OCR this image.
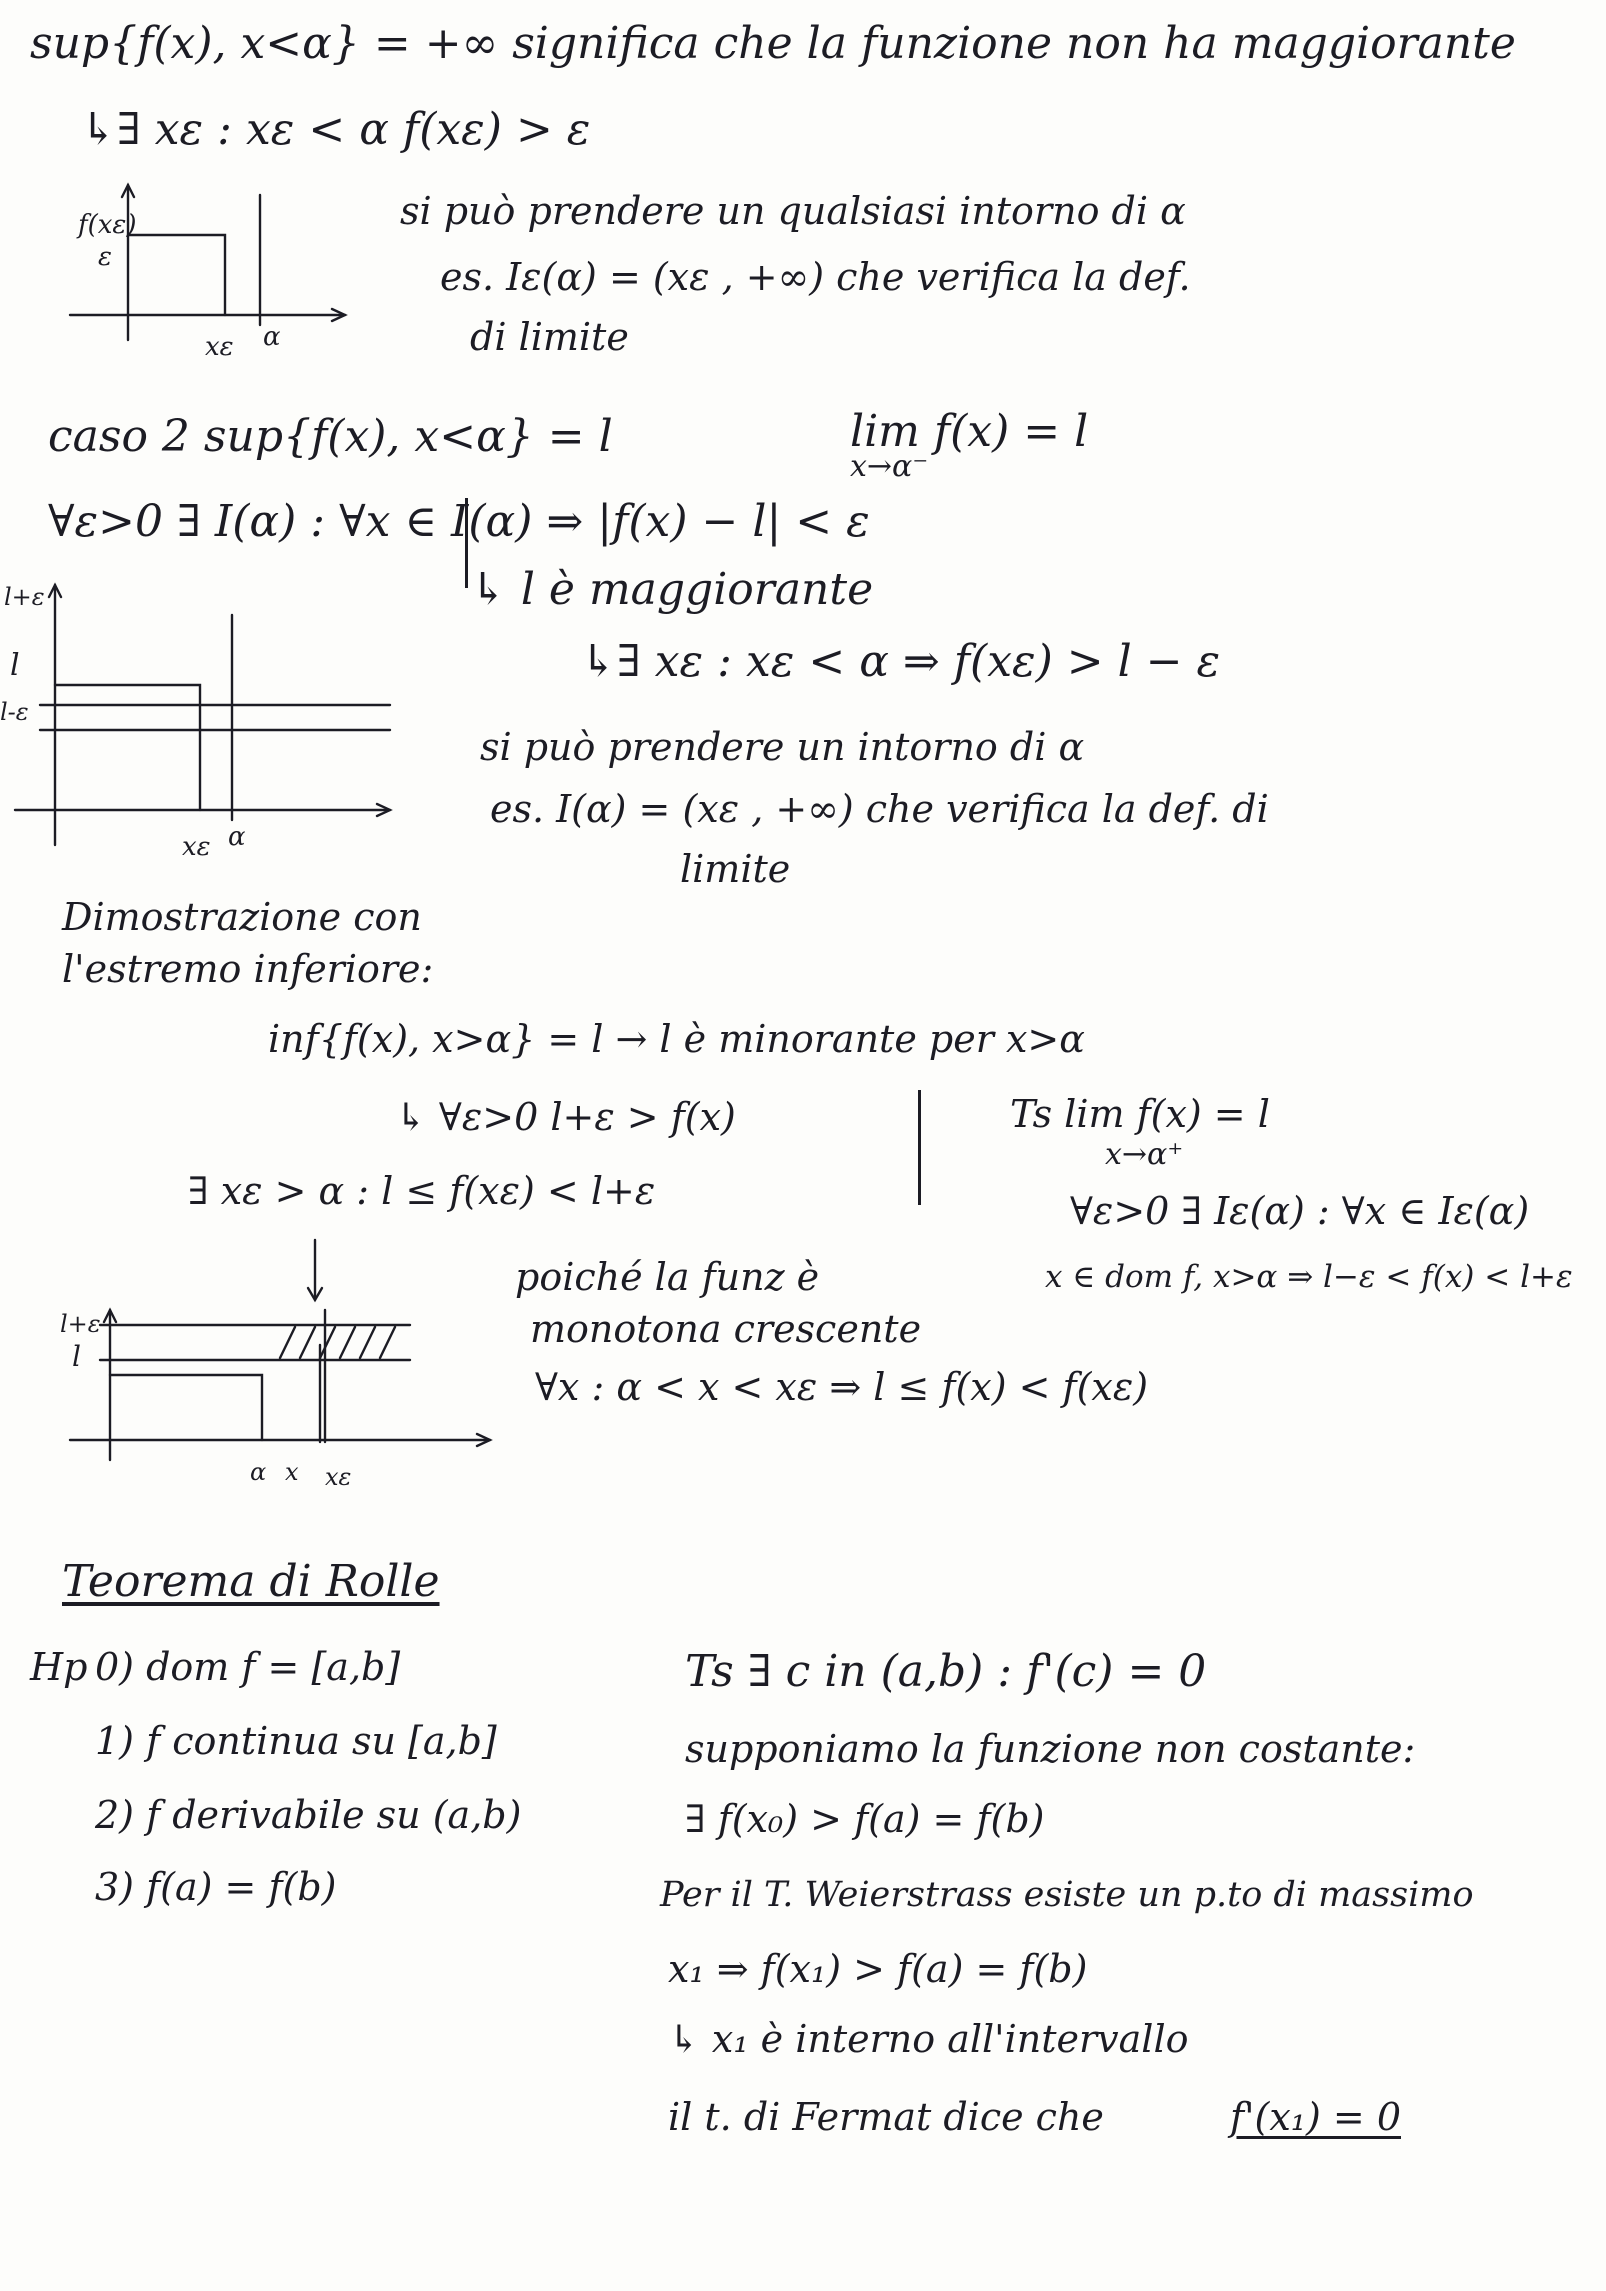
sup{f(x), x<α} = +∞ significa che la funzione non ha maggiorante
↳∃ xε : xε < α f(xε) > ε
si può prendere un qualsiasi intorno di α
es. Iε(α) = (xε , +∞) che verifica la def.
di limite
f(xε)
ε
xε α
caso 2 sup{f(x), x<α} = l	lim f(x) = l
x→α⁻
∀ε>0 ∃ I(α) : ∀x ∈ I(α) ⇒ |f(x) − l| < ε
↳ l è maggiorante
↳∃ xε : xε < α ⇒ f(xε) > l − ε
si può prendere un intorno di α
es. I(α) = (xε , +∞) che verifica la def. di
limite
l+ε
l
l-ε
xε α
Dimostrazione con
l'estremo inferiore:
inf{f(x), x>α} = l → l è minorante per x>α
↳ ∀ε>0 l+ε > f(x)
∃ xε > α : l ≤ f(xε) < l+ε
poiché la funz è
monotona crescente
∀x : α < x < xε ⇒ l ≤ f(x) < f(xε)
Ts lim f(x) = l
x→α⁺
∀ε>0 ∃ Iε(α) : ∀x ∈ Iε(α)
x ∈ dom f, x>α ⇒ l−ε < f(x) < l+ε
l+ε
l
α x xε
Teorema di Rolle
Hp 0) dom f = [a,b]
1) f continua su [a,b]
2) f derivabile su (a,b)
3) f(a) = f(b)
Ts ∃ c in (a,b) : f'(c) = 0
supponiamo la funzione non costante:
∃ f(x₀) > f(a) = f(b)
Per il T. Weierstrass esiste un p.to di massimo
x₁ ⇒ f(x₁) > f(a) = f(b)
↳ x₁ è interno all'intervallo
il t. di Fermat dice che	f'(x₁) = 0
